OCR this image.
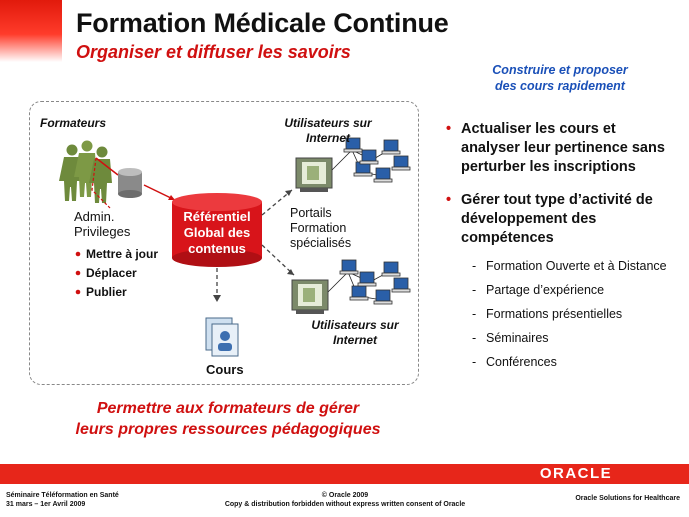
Formation Médicale Continue
Organiser et diffuser les savoirs
Construire et proposer
des cours rapidement
Formateurs	Utilisateurs sur
Internet
Admin.
Privileges
Mettre à jour
Déplacer
Publier
Référentiel
Global des
contenus
Portails
Formation
spécialisés
Utilisateurs sur
Internet
Cours
Permettre aux formateurs de gérer
leurs propres ressources pédagogiques
• Actualiser les cours et analyser leur pertinence sans perturber les inscriptions
• Gérer tout type d’activité de développement des compétences
- Formation Ouverte et à Distance
- Partage d’expérience
- Formations présentielles
- Séminaires
- Conférences
ORACLE
Séminaire Téléformation en Santé
31 mars – 1er Avril 2009
© Oracle 2009
Copy & distribution forbidden without express written consent of Oracle
Oracle Solutions for Healthcare
